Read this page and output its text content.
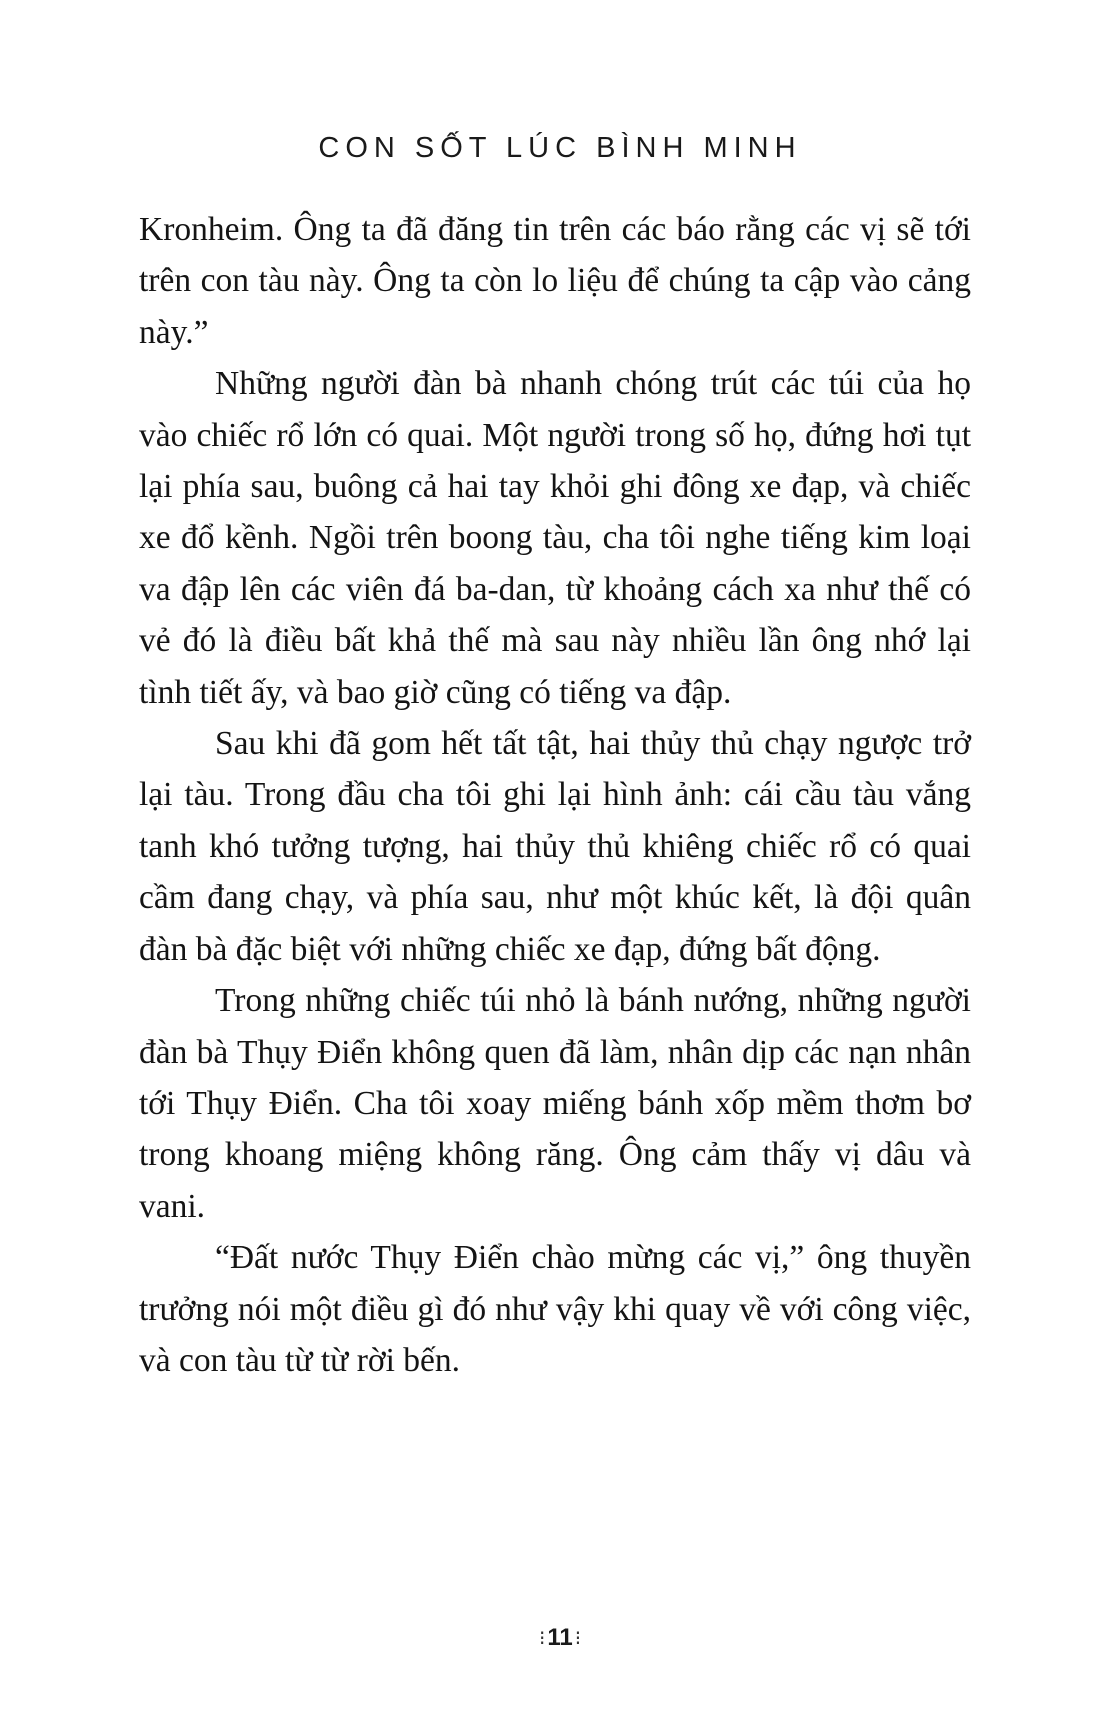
CON SỐT LÚC BÌNH MINH

Kronheim. Ông ta đã đăng tin trên các báo rằng các vị sẽ tới trên con tàu này. Ông ta còn lo liệu để chúng ta cập vào cảng này.”

Những người đàn bà nhanh chóng trút các túi của họ vào chiếc rổ lớn có quai. Một người trong số họ, đứng hơi tụt lại phía sau, buông cả hai tay khỏi ghi đông xe đạp, và chiếc xe đổ kềnh. Ngồi trên boong tàu, cha tôi nghe tiếng kim loại va đập lên các viên đá ba-dan, từ khoảng cách xa như thế có vẻ đó là điều bất khả thế mà sau này nhiều lần ông nhớ lại tình tiết ấy, và bao giờ cũng có tiếng va đập.

Sau khi đã gom hết tất tật, hai thủy thủ chạy ngược trở lại tàu. Trong đầu cha tôi ghi lại hình ảnh: cái cầu tàu vắng tanh khó tưởng tượng, hai thủy thủ khiêng chiếc rổ có quai cầm đang chạy, và phía sau, như một khúc kết, là đội quân đàn bà đặc biệt với những chiếc xe đạp, đứng bất động.

Trong những chiếc túi nhỏ là bánh nướng, những người đàn bà Thụy Điển không quen đã làm, nhân dịp các nạn nhân tới Thụy Điển. Cha tôi xoay miếng bánh xốp mềm thơm bơ trong khoang miệng không răng. Ông cảm thấy vị dâu và vani.

“Đất nước Thụy Điển chào mừng các vị,” ông thuyền trưởng nói một điều gì đó như vậy khi quay về với công việc, và con tàu từ từ rời bến.

⁝11 ⁝
